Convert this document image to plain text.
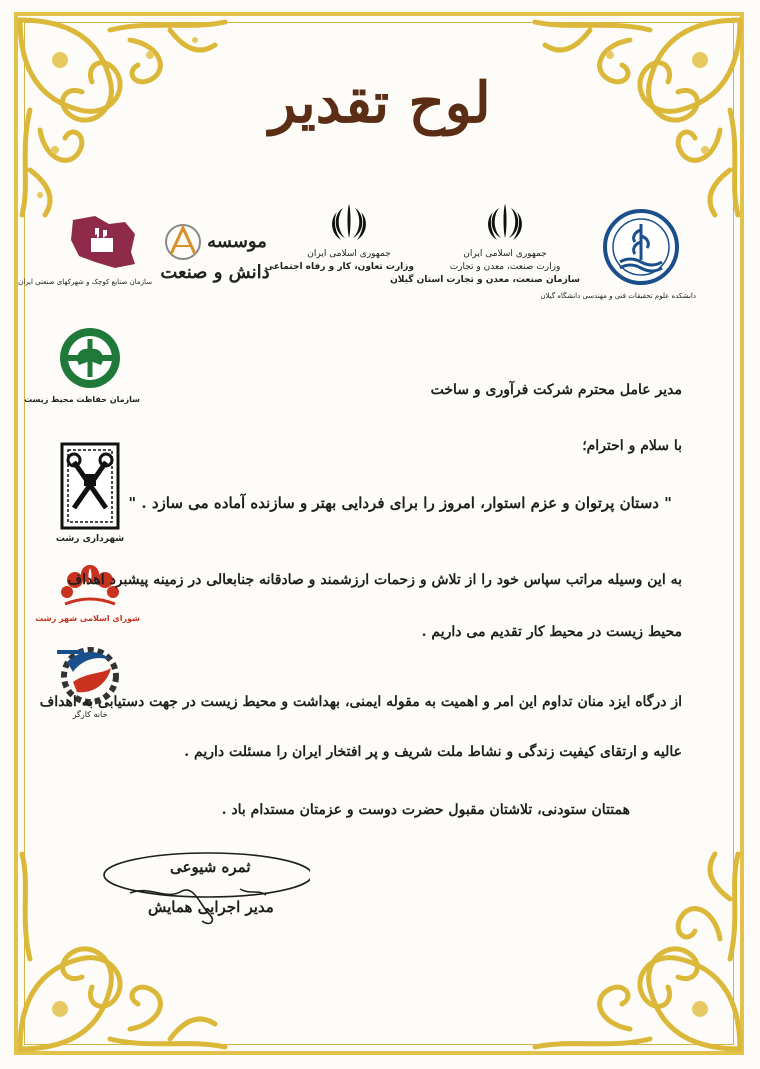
لوح تقدیر
دانشکده علوم تحقیقات فنی و مهندسی دانشگاه گیلان
جمهوری اسلامی ایران
وزارت صنعت، معدن و تجارت
سازمان صنعت، معدن و تجارت استان گیلان
جمهوری اسلامی ایران
وزارت تعاون، کار و رفاه اجتماعی
موسسه
دانش و صنعت
سازمان صنایع کوچک و شهرکهای صنعتی ایران
سازمان حفاظت محیط زیست
شهرداری رشت
شورای اسلامی شهر رشت
خانه کارگر
مدیر عامل محترم شرکت فرآوری و ساخت
با سلام و احترام؛
" دستان پرتوان و عزم استوار، امروز را برای فردایی بهتر و سازنده آماده می سازد . "
به این وسیله مراتب سپاس خود را از تلاش و زحمات ارزشمند و صادقانه جنابعالی در زمینه پیشبرد اهداف
محیط زیست در محیط کار تقدیم می داریم .
از درگاه ایزد منان تداوم این امر و اهمیت به مقوله ایمنی، بهداشت و محیط زیست در جهت دستیابی به اهداف
عالیه و ارتقای کیفیت زندگی و نشاط ملت شریف و پر افتخار ایران را مسئلت داریم .
همتتان ستودنی، تلاشتان مقبول حضرت دوست و عزمتان مستدام باد .
ثمره شیوعی
مدیر اجرایی همایش
